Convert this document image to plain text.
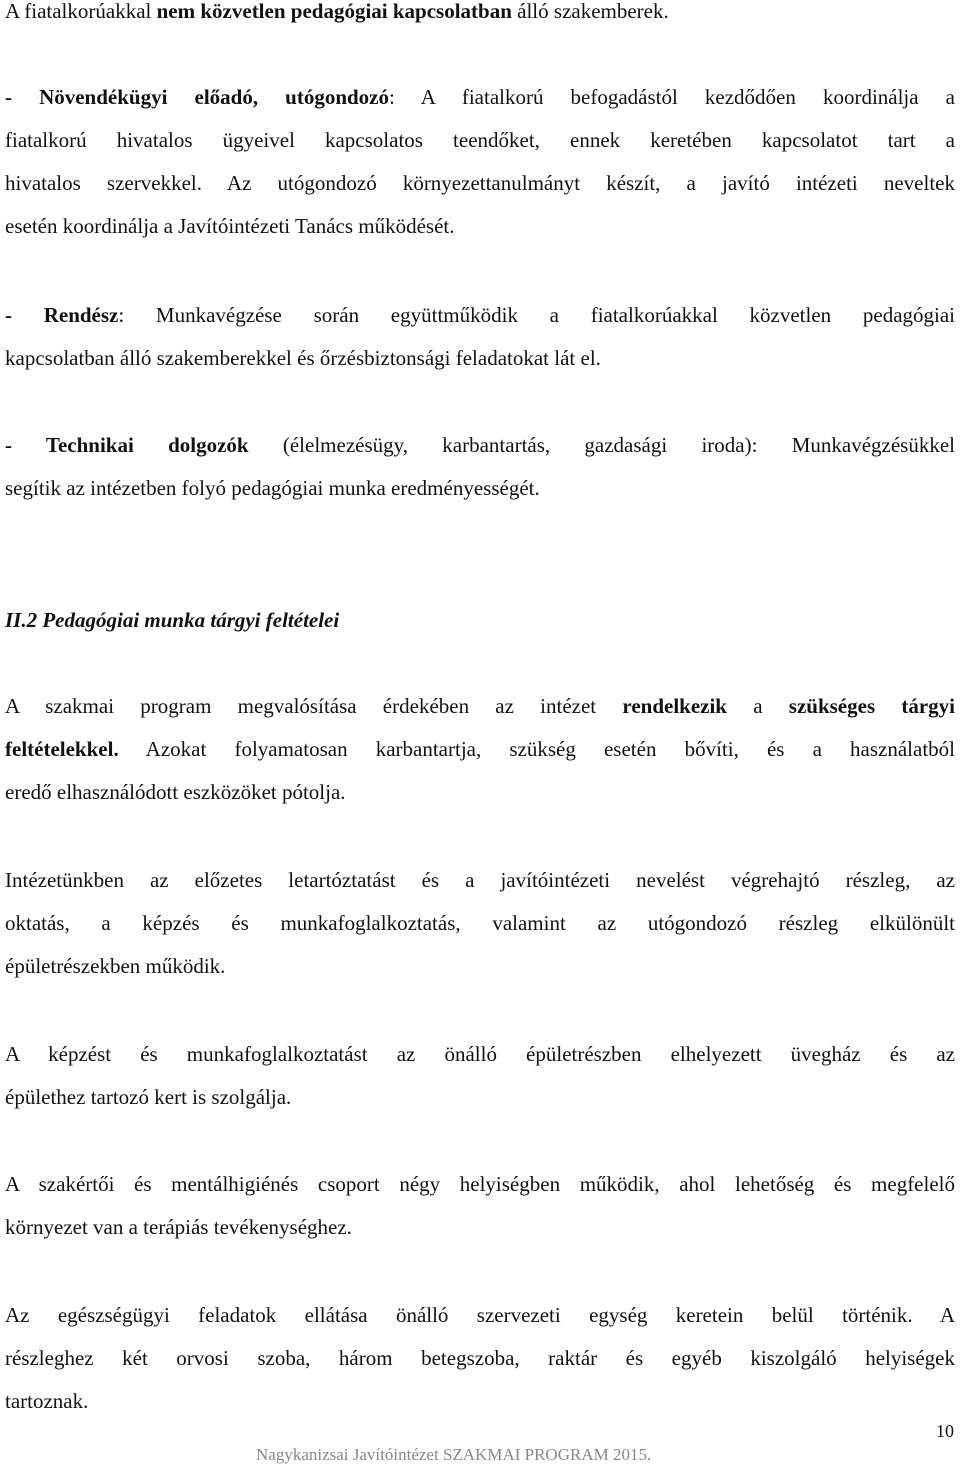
A fiatalkorúakkal nem közvetlen pedagógiai kapcsolatban álló szakemberek.
- Növendékügyi előadó, utógondozó: A fiatalkorú befogadástól kezdődően koordinálja a
fiatalkorú hivatalos ügyeivel kapcsolatos teendőket, ennek keretében kapcsolatot tart a
hivatalos szervekkel. Az utógondozó környezettanulmányt készít, a javító intézeti neveltek
esetén koordinálja a Javítóintézeti Tanács működését.
- Rendész: Munkavégzése során együttműködik a fiatalkorúakkal közvetlen pedagógiai
kapcsolatban álló szakemberekkel és őrzésbiztonsági feladatokat lát el.
- Technikai dolgozók (élelmezésügy, karbantartás, gazdasági iroda): Munkavégzésükkel
segítik az intézetben folyó pedagógiai munka eredményességét.
II.2 Pedagógiai munka tárgyi feltételei
A szakmai program megvalósítása érdekében az intézet rendelkezik a szükséges tárgyi
feltételekkel. Azokat folyamatosan karbantartja, szükség esetén bővíti, és a használatból
eredő elhasználódott eszközöket pótolja.
Intézetünkben az előzetes letartóztatást és a javítóintézeti nevelést végrehajtó részleg, az
oktatás, a képzés és munkafoglalkoztatás, valamint az utógondozó részleg elkülönült
épületrészekben működik.
A képzést és munkafoglalkoztatást az önálló épületrészben elhelyezett üvegház és az
épülethez tartozó kert is szolgálja.
A szakértői és mentálhigiénés csoport négy helyiségben működik, ahol lehetőség és megfelelő
környezet van a terápiás tevékenységhez.
Az egészségügyi feladatok ellátása önálló szervezeti egység keretein belül történik. A
részleghez két orvosi szoba, három betegszoba, raktár és egyéb kiszolgáló helyiségek
tartoznak.
10
Nagykanizsai Javítóintézet SZAKMAI PROGRAM 2015.
